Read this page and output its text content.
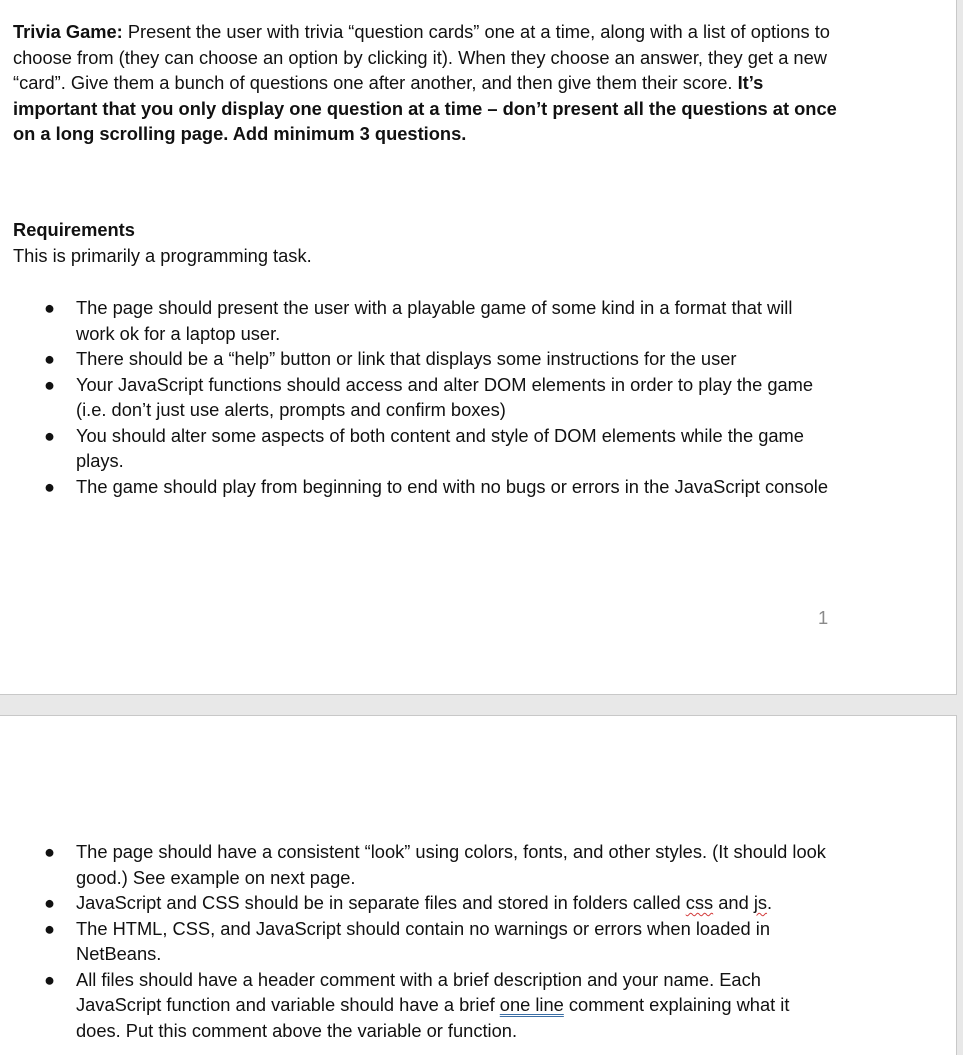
Trivia Game: Present the user with trivia “question cards” one at a time, along with a list of options to choose from (they can choose an option by clicking it). When they choose an answer, they get a new “card”. Give them a bunch of questions one after another, and then give them their score. It’s important that you only display one question at a time – don’t present all the questions at once on a long scrolling page. Add minimum 3 questions.
Requirements
This is primarily a programming task.
● The page should present the user with a playable game of some kind in a format that will work ok for a laptop user.
● There should be a “help” button or link that displays some instructions for the user
● Your JavaScript functions should access and alter DOM elements in order to play the game (i.e. don’t just use alerts, prompts and confirm boxes)
● You should alter some aspects of both content and style of DOM elements while the game plays.
● The game should play from beginning to end with no bugs or errors in the JavaScript console
1
● The page should have a consistent “look” using colors, fonts, and other styles. (It should look good.) See example on next page.
● JavaScript and CSS should be in separate files and stored in folders called css and js.
● The HTML, CSS, and JavaScript should contain no warnings or errors when loaded in NetBeans.
● All files should have a header comment with a brief description and your name. Each JavaScript function and variable should have a brief one line comment explaining what it does. Put this comment above the variable or function.
